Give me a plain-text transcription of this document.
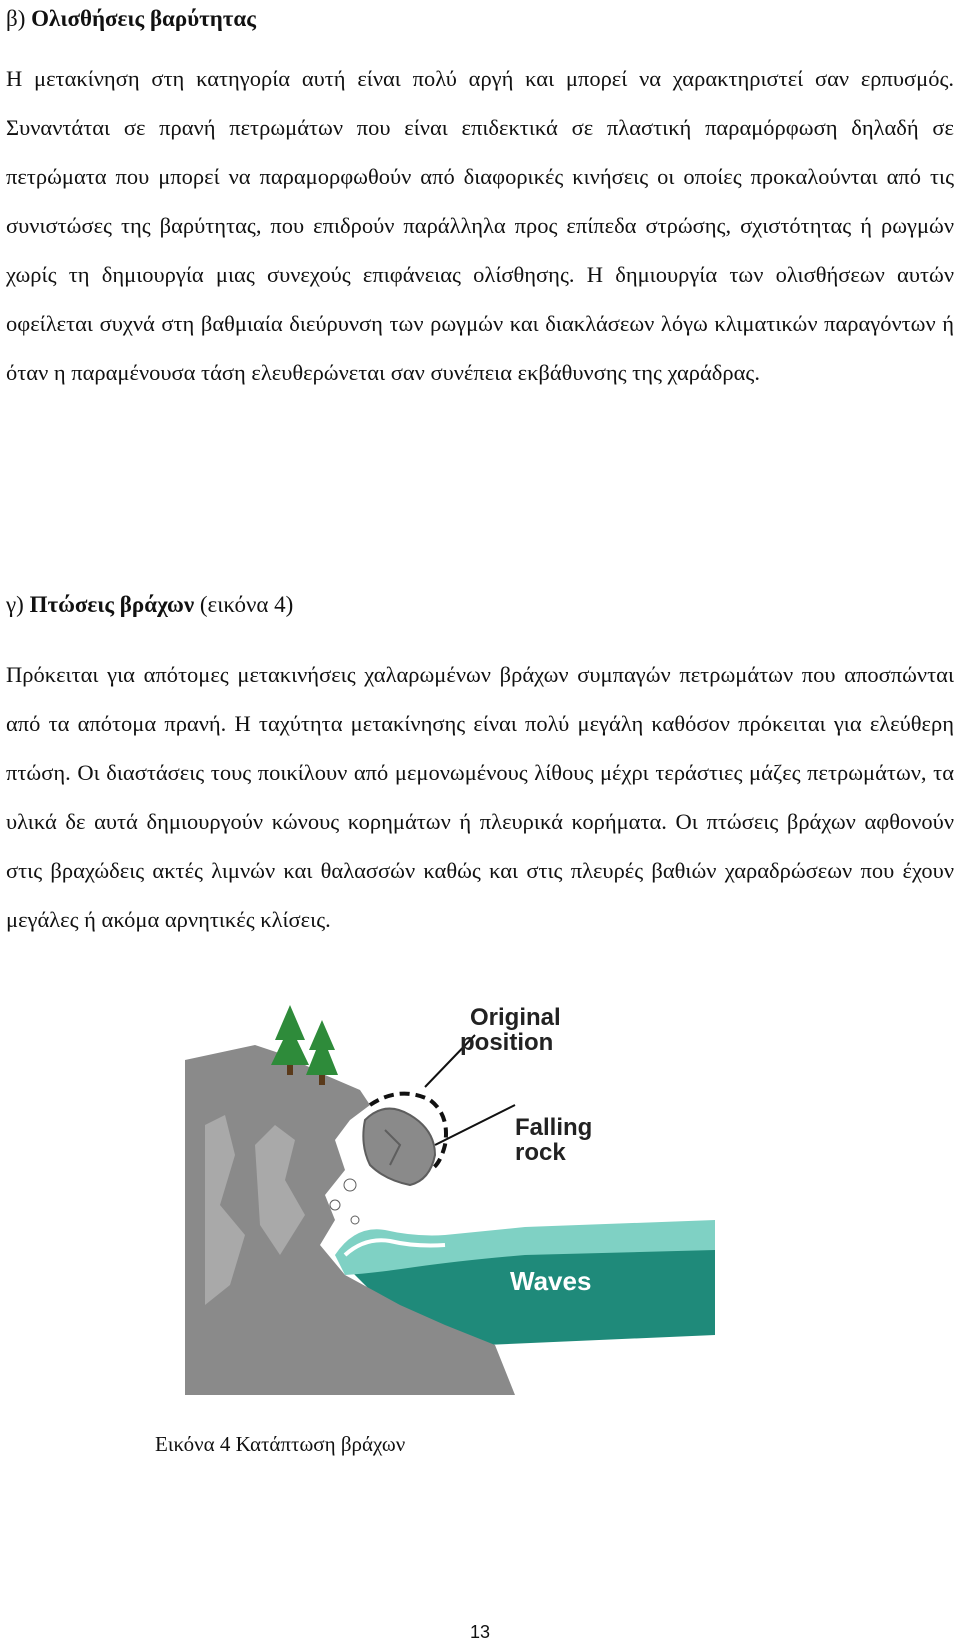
β) Ολισθήσεις βαρύτητας

Η μετακίνηση στη κατηγορία αυτή είναι πολύ αργή και μπορεί να χαρακτηριστεί σαν ερπυσμός. Συναντάται σε πρανή πετρωμάτων που είναι επιδεκτικά σε πλαστική παραμόρφωση δηλαδή σε πετρώματα που μπορεί να παραμορφωθούν από διαφορικές κινήσεις οι οποίες προκαλούνται από τις συνιστώσες της βαρύτητας, που επιδρούν παράλληλα προς επίπεδα στρώσης, σχιστότητας ή ρωγμών χωρίς τη δημιουργία μιας συνεχούς επιφάνειας ολίσθησης. Η δημιουργία των ολισθήσεων αυτών οφείλεται συχνά στη βαθμιαία διεύρυνση των ρωγμών και διακλάσεων λόγω κλιματικών παραγόντων ή όταν η παραμένουσα τάση ελευθερώνεται σαν συνέπεια εκβάθυνσης της χαράδρας.

γ) Πτώσεις βράχων (εικόνα 4)

Πρόκειται για απότομες μετακινήσεις χαλαρωμένων βράχων συμπαγών πετρωμάτων που αποσπώνται από τα απότομα πρανή. Η ταχύτητα μετακίνησης είναι πολύ μεγάλη καθόσον πρόκειται για ελεύθερη πτώση. Οι διαστάσεις τους ποικίλουν από μεμονωμένους λίθους μέχρι τεράστιες μάζες πετρωμάτων, τα υλικά δε αυτά δημιουργούν κώνους κορημάτων ή πλευρικά κορήματα. Οι πτώσεις βράχων αφθονούν στις βραχώδεις ακτές λιμνών και θαλασσών καθώς και στις πλευρές βαθιών χαραδρώσεων που έχουν μεγάλες ή ακόμα αρνητικές κλίσεις.

Original
position
Falling
rock
Waves
Εικόνα 4 Κατάπτωση βράχων
13
